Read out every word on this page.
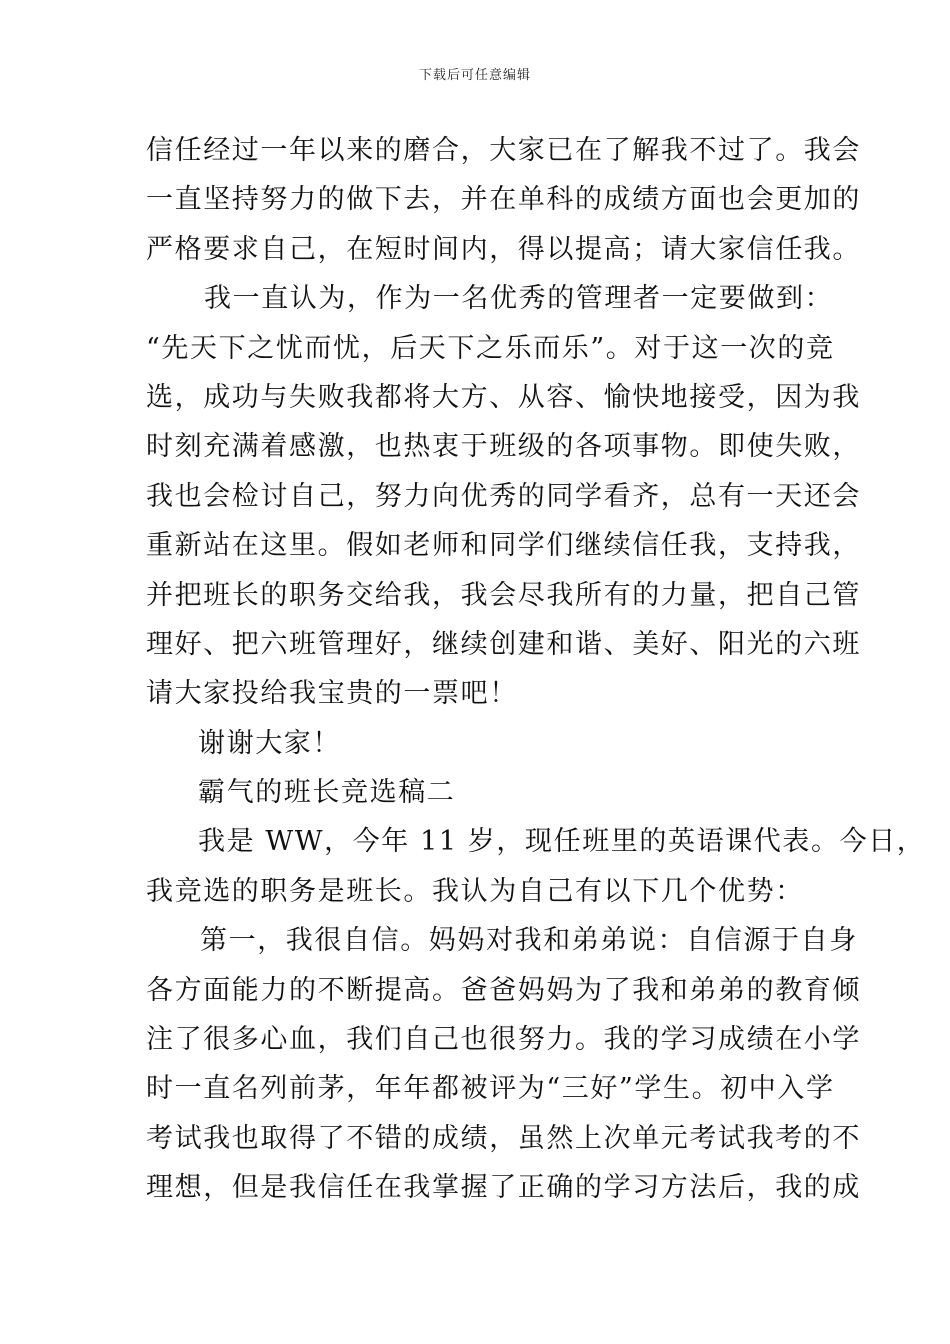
下载后可任意编辑
信任经过一年以来的磨合，大家已在了解我不过了。我会
一直坚持努力的做下去，并在单科的成绩方面也会更加的
严格要求自己，在短时间内，得以提高；请大家信任我。
我一直认为，作为一名优秀的管理者一定要做到：
“先天下之忧而忧，后天下之乐而乐”。对于这一次的竞
选，成功与失败我都将大方、从容、愉快地接受，因为我
时刻充满着感激，也热衷于班级的各项事物。即使失败，
我也会检讨自己，努力向优秀的同学看齐，总有一天还会
重新站在这里。假如老师和同学们继续信任我，支持我，
并把班长的职务交给我，我会尽我所有的力量，把自己管
理好、把六班管理好，继续创建和谐、美好、阳光的六班
请大家投给我宝贵的一票吧！
谢谢大家！
霸气的班长竞选稿二
我是 WW，今年 11 岁，现任班里的英语课代表。今日，
我竞选的职务是班长。我认为自己有以下几个优势：
第一，我很自信。妈妈对我和弟弟说：自信源于自身
各方面能力的不断提高。爸爸妈妈为了我和弟弟的教育倾
注了很多心血，我们自己也很努力。我的学习成绩在小学
时一直名列前茅，年年都被评为“三好”学生。初中入学
考试我也取得了不错的成绩，虽然上次单元考试我考的不
理想，但是我信任在我掌握了正确的学习方法后，我的成
